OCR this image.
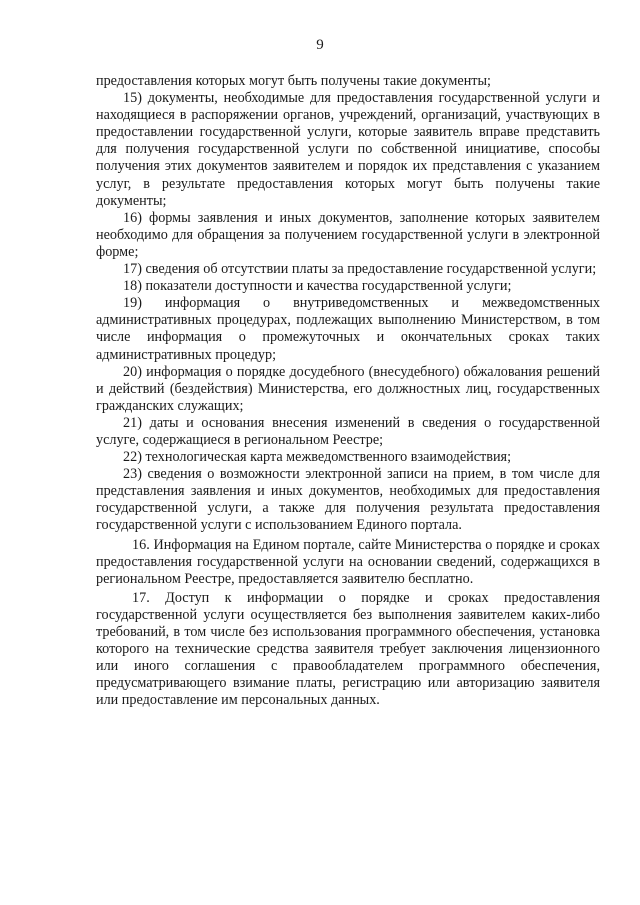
9

предоставления которых могут быть получены такие документы;

15) документы, необходимые для предоставления государственной услуги и находящиеся в распоряжении органов, учреждений, организаций, участвующих в предоставлении государственной услуги, которые заявитель вправе представить для получения государственной услуги по собственной инициативе, способы получения этих документов заявителем и порядок их представления с указанием услуг, в результате предоставления которых могут быть получены такие документы;

16) формы заявления и иных документов, заполнение которых заявителем необходимо для обращения за получением государственной услуги в электронной форме;

17) сведения об отсутствии платы за предоставление государственной услуги;

18) показатели доступности и качества государственной услуги;

19) информация о внутриведомственных и межведомственных административных процедурах, подлежащих выполнению Министерством, в том числе информация о промежуточных и окончательных сроках таких административных процедур;

20) информация о порядке досудебного (внесудебного) обжалования решений и действий (бездействия) Министерства, его должностных лиц, государственных гражданских служащих;

21) даты и основания внесения изменений в сведения о государственной услуге, содержащиеся в региональном Реестре;

22) технологическая карта межведомственного взаимодействия;

23) сведения о возможности электронной записи на прием, в том числе для представления заявления и иных документов, необходимых для предоставления государственной услуги, а также для получения результата предоставления государственной услуги с использованием Единого портала.

16. Информация на Едином портале, сайте Министерства о порядке и сроках предоставления государственной услуги на основании сведений, содержащихся в региональном Реестре, предоставляется заявителю бесплатно.

17. Доступ к информации о порядке и сроках предоставления государственной услуги осуществляется без выполнения заявителем каких-либо требований, в том числе без использования программного обеспечения, установка которого на технические средства заявителя требует заключения лицензионного или иного соглашения с правообладателем программного обеспечения, предусматривающего взимание платы, регистрацию или авторизацию заявителя или предоставление им персональных данных.
